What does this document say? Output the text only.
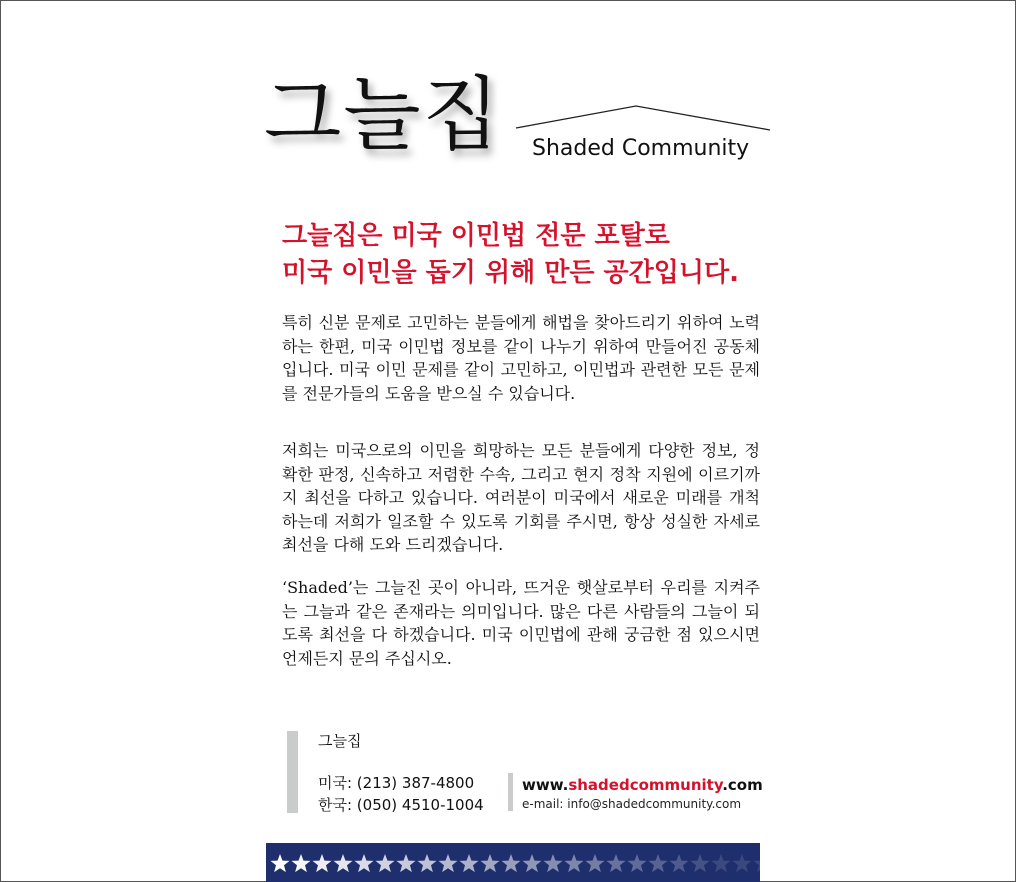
그늘집 Shaded Community
그늘집은 미국 이민법 전문 포탈로
미국 이민을 돕기 위해 만든 공간입니다.
특히 신분 문제로 고민하는 분들에게 해법을 찾아드리기 위하여 노력하는 한편, 미국 이민법 정보를 같이 나누기 위하여 만들어진 공동체입니다. 미국 이민 문제를 같이 고민하고, 이민법과 관련한 모든 문제를 전문가들의 도움을 받으실 수 있습니다.
저희는 미국으로의 이민을 희망하는 모든 분들에게 다양한 정보, 정확한 판정, 신속하고 저렴한 수속, 그리고 현지 정착 지원에 이르기까지 최선을 다하고 있습니다. 여러분이 미국에서 새로운 미래를 개척하는데 저희가 일조할 수 있도록 기회를 주시면, 항상 성실한 자세로 최선을 다해 도와 드리겠습니다.
‘Shaded’는 그늘진 곳이 아니라, 뜨거운 햇살로부터 우리를 지켜주는 그늘과 같은 존재라는 의미입니다. 많은 다른 사람들의 그늘이 되도록 최선을 다 하겠습니다. 미국 이민법에 관해 궁금한 점 있으시면 언제든지 문의 주십시오.
그늘집
미국: (213) 387-4800
한국: (050) 4510-1004
www.shadedcommunity.com
e-mail: info@shadedcommunity.com
